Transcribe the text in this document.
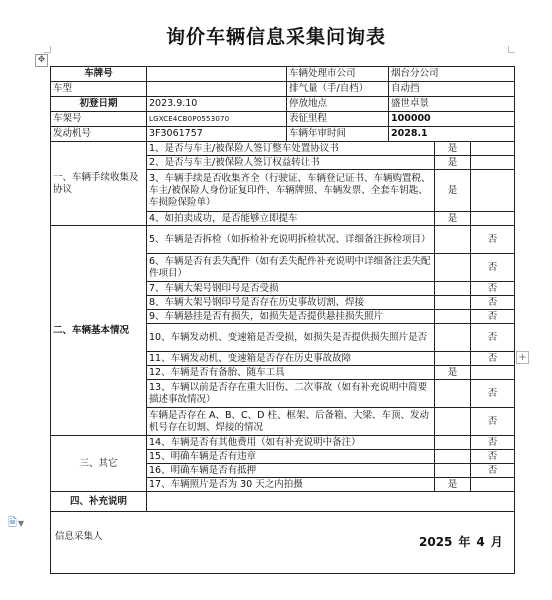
询价车辆信息采集问询表
✥
+
🗎▼
车牌号		车辆处理市公司	烟台分公司		
车型		排气量（手/自档）	自动挡		
初登日期	2023.9.10	停放地点	盛世卓景		
车架号	LGXCE4CB0P0553070	表征里程	100000		
发动机号	3F3061757	车辆年审时间	2028.1		
一、车辆手续收集及协议	1、是否与车主/被保险人签订整车处置协议书			是	
	2、是否与车主/被保险人签订权益转让书			是	
	3、车辆手续是否收集齐全（行驶证、车辆登记证书、车辆购置税、车主/被保险人身份证复印件、车辆牌照、车辆发票、全套车钥匙、车损险保险单）			是	
	4、如拍卖成功，是否能够立即提车			是	
二、车辆基本情况	5、车辆是否拆检（如拆检补充说明拆检状况、详细备注拆检项目）				否
	6、车辆是否有丢失配件（如有丢失配件补充说明中详细备注丢失配件项目）				否
	7、车辆大架号钢印号是否受损				否
	8、车辆大架号钢印号是否存在历史事故切割、焊接				否
	9、车辆悬挂是否有损失，如损失是否提供悬挂损失照片				否
	10、车辆发动机、变速箱是否受损，如损失是否提供损失照片是否				否
	11、车辆发动机、变速箱是否存在历史事故故障				否
	12、车辆是否有备胎、随车工具			是	
	13、车辆以前是否存在重大旧伤、二次事故（如有补充说明中简要描述事故情况）				否
	车辆是否存在 A、B、C、D 柱、框架、后备箱、大梁、车顶、发动机号存在切割、焊接的情况				否
三、其它	14、车辆是否有其他费用（如有补充说明中备注）				否
	15、明确车辆是否有违章				否
	16、明确车辆是否有抵押				否
	17、车辆照片是否为 30 天之内拍摄			是	
四、补充说明					

信息采集人 2025 年 4 月					
